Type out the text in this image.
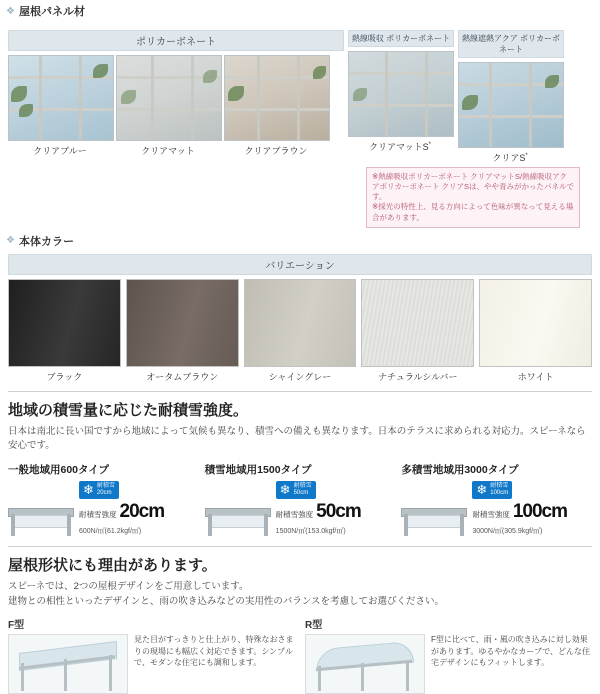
❖ 屋根パネル材
ポリカーボネート
クリアブルー	クリアマット	クリアブラウン
熱線吸収 ポリカーボネート
クリアマットS*
熱線遮熱アクア ポリカーボネート
クリアS*
※熱線吸収ポリカーボネート クリアマットS/熱線吸収アクアポリカーボネート クリアSは、やや青みがかったパネルです。
※採光の特性上、見る方向によって色味が異なって見える場合があります。
❖ 本体カラー
バリエーション
ブラック	オータムブラウン	シャイングレー	ナチュラルシルバー	ホワイト
地域の積雪量に応じた耐積雪強度。
日本は南北に長い国ですから地域によって気候も異なり、積雪への備えも異なります。日本のテラスに求められる対応力。スピーネなら安心です。
一般地域用600タイプ
❄ 耐積雪
20cm
耐積雪強度 20cm
600N/㎡(61.2kgf/㎡)
積雪地域用1500タイプ
❄ 耐積雪
50cm
耐積雪強度 50cm
1500N/㎡(153.0kgf/㎡)
多積雪地域用3000タイプ
❄ 耐積雪
100cm
耐積雪強度 100cm
3000N/㎡(305.9kgf/㎡)
屋根形状にも理由があります。
スピーネでは、2つの屋根デザインをご用意しています。
建物との相性といったデザインと、雨の吹き込みなどの実用性のバランスを考慮してお選びください。
F型
見た目がすっきりと仕上がり、特殊なおさまりの現場にも幅広く対応できます。シンプルで、モダンな住宅にも調和します。
R型
F型に比べて、雨・風の吹き込みに対し効果があります。ゆるやかなカーブで、どんな住宅デザインにもフィットします。
